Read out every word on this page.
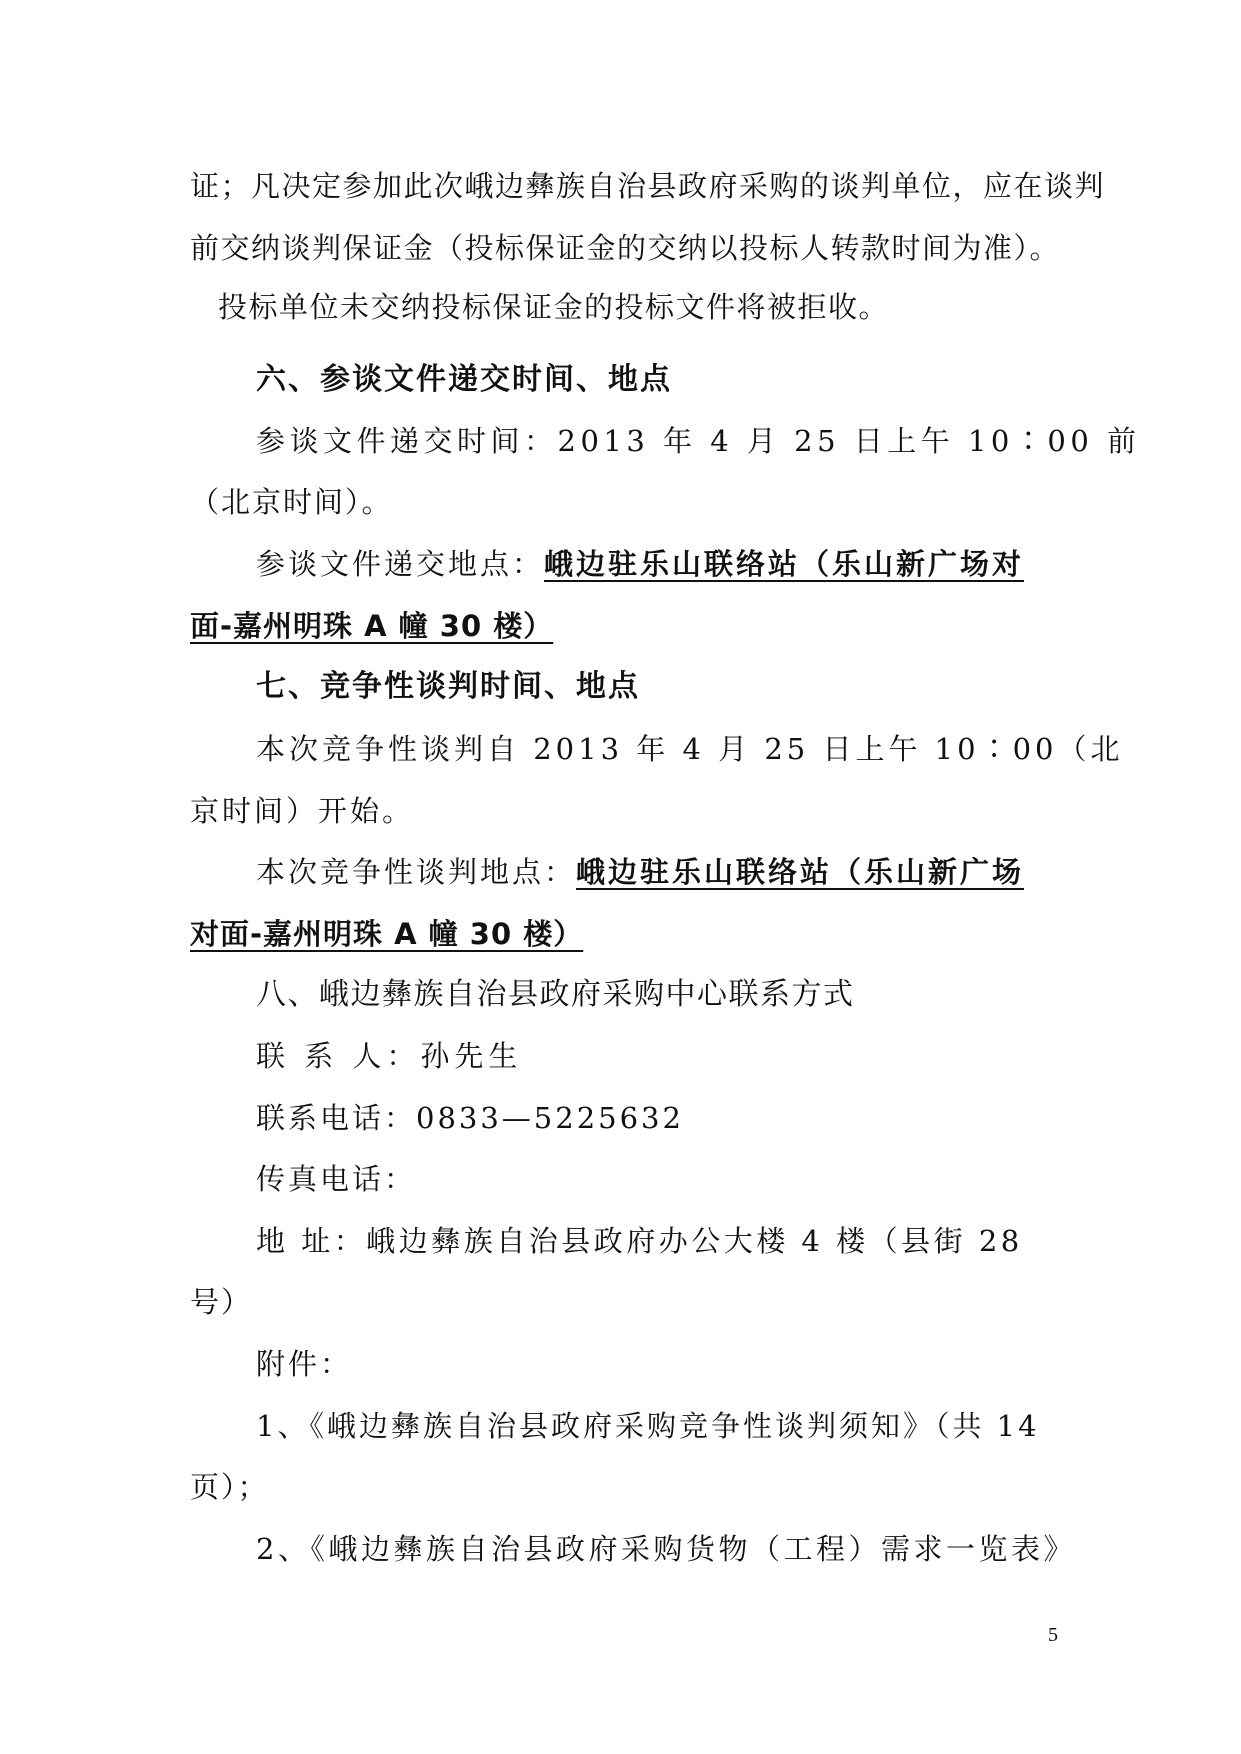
证；凡决定参加此次峨边彝族自治县政府采购的谈判单位，应在谈判
前交纳谈判保证金（投标保证金的交纳以投标人转款时间为准）。
投标单位未交纳投标保证金的投标文件将被拒收。
六、参谈文件递交时间、地点
参谈文件递交时间：2013 年 4 月 25 日上午 10∶00 前
（北京时间）。
参谈文件递交地点：峨边驻乐山联络站（乐山新广场对
面-嘉州明珠 A 幢 30 楼）
七、竞争性谈判时间、地点
本次竞争性谈判自 2013 年 4 月 25 日上午 10∶00（北
京时间）开始。
本次竞争性谈判地点：峨边驻乐山联络站（乐山新广场
对面-嘉州明珠 A 幢 30 楼）
八、峨边彝族自治县政府采购中心联系方式
联 系 人：孙先生
联系电话：0833—5225632
传真电话：
地 址：峨边彝族自治县政府办公大楼 4 楼（县街 28
号）
附件：
1、《峨边彝族自治县政府采购竞争性谈判须知》（共 14
页）；
2、《峨边彝族自治县政府采购货物（工程）需求一览表》
5
